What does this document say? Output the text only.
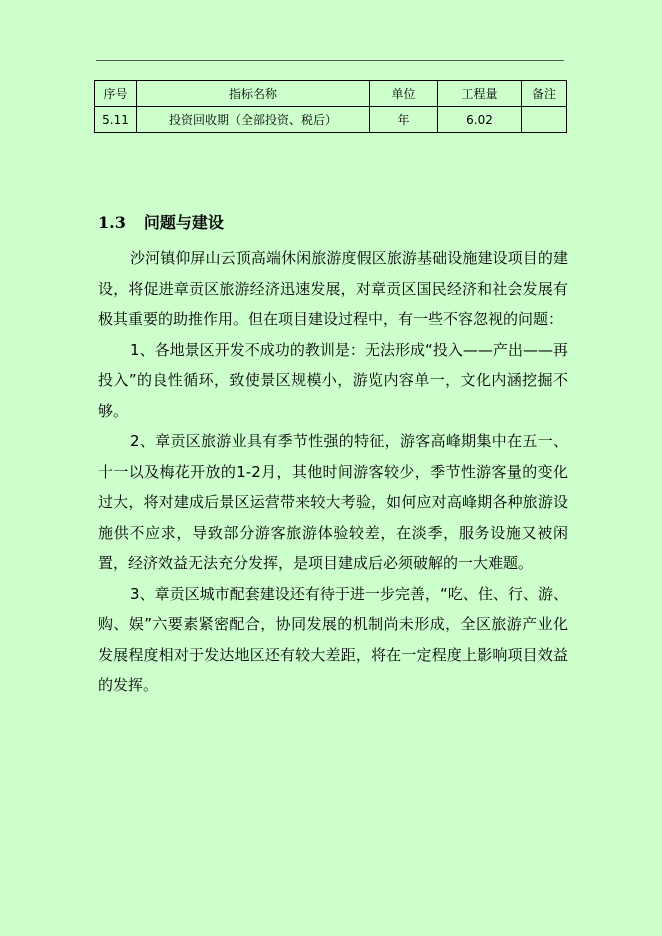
序号	指标名称	单位	工程量	备注
5.11	投资回收期（全部投资、税后）	年	6.02	
1.3 问题与建设

沙河镇仰屏山云顶高端休闲旅游度假区旅游基础设施建设项目的建设，将促进章贡区旅游经济迅速发展，对章贡区国民经济和社会发展有极其重要的助推作用。但在项目建设过程中，有一些不容忽视的问题：

1、各地景区开发不成功的教训是：无法形成“投入——产出——再投入”的良性循环，致使景区规模小，游览内容单一，文化内涵挖掘不够。

2、章贡区旅游业具有季节性强的特征，游客高峰期集中在五一、十一以及梅花开放的1-2月，其他时间游客较少，季节性游客量的变化过大，将对建成后景区运营带来较大考验，如何应对高峰期各种旅游设施供不应求，导致部分游客旅游体验较差，在淡季，服务设施又被闲置，经济效益无法充分发挥，是项目建成后必须破解的一大难题。

3、章贡区城市配套建设还有待于进一步完善，“吃、住、行、游、购、娱”六要素紧密配合，协同发展的机制尚未形成，全区旅游产业化发展程度相对于发达地区还有较大差距，将在一定程度上影响项目效益的发挥。
